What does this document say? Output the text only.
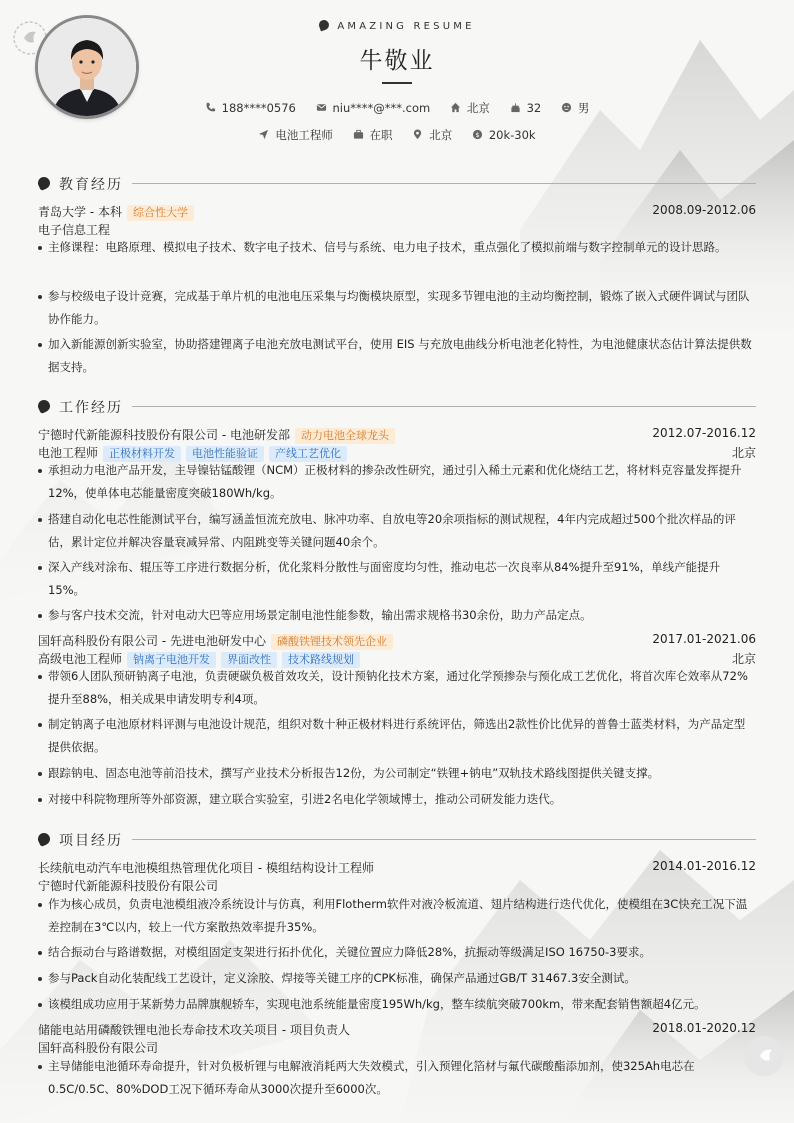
AMAZING RESUME
牛敬业
188****0576	niu****@***.com	北京	32	男
电池工程师	在职	北京	$ 20k-30k
教育经历
青岛大学 - 本科 综合性大学	2008.09-2012.06
电子信息工程
主修课程：电路原理、模拟电子技术、数字电子技术、信号与系统、电力电子技术，重点强化了模拟前端与数字控制单元的设计思路。
参与校级电子设计竞赛，完成基于单片机的电池电压采集与均衡模块原型，实现多节锂电池的主动均衡控制，锻炼了嵌入式硬件调试与团队协作能力。
加入新能源创新实验室，协助搭建锂离子电池充放电测试平台，使用 EIS 与充放电曲线分析电池老化特性，为电池健康状态估计算法提供数据支持。
工作经历
宁德时代新能源科技股份有限公司 - 电池研发部 动力电池全球龙头	2012.07-2016.12
电池工程师 正极材料开发 电池性能验证 产线工艺优化	北京
承担动力电池产品开发，主导镍钴锰酸锂（NCM）正极材料的掺杂改性研究，通过引入稀土元素和优化烧结工艺，将材料克容量发挥提升12%，使单体电芯能量密度突破180Wh/kg。
搭建自动化电芯性能测试平台，编写涵盖恒流充放电、脉冲功率、自放电等20余项指标的测试规程，4年内完成超过500个批次样品的评估，累计定位并解决容量衰减异常、内阻跳变等关键问题40余个。
深入产线对涂布、辊压等工序进行数据分析，优化浆料分散性与面密度均匀性，推动电芯一次良率从84%提升至91%，单线产能提升15%。
参与客户技术交流，针对电动大巴等应用场景定制电池性能参数，输出需求规格书30余份，助力产品定点。
国轩高科股份有限公司 - 先进电池研发中心 磷酸铁锂技术领先企业	2017.01-2021.06
高级电池工程师 钠离子电池开发 界面改性 技术路线规划	北京
带领6人团队预研钠离子电池，负责硬碳负极首效攻关，设计预钠化技术方案，通过化学预掺杂与预化成工艺优化，将首次库仑效率从72%提升至88%，相关成果申请发明专利4项。
制定钠离子电池原材料评测与电池设计规范，组织对数十种正极材料进行系统评估，筛选出2款性价比优异的普鲁士蓝类材料，为产品定型提供依据。
跟踪钠电、固态电池等前沿技术，撰写产业技术分析报告12份，为公司制定“铁锂+钠电”双轨技术路线图提供关键支撑。
对接中科院物理所等外部资源，建立联合实验室，引进2名电化学领域博士，推动公司研发能力迭代。
项目经历
长续航电动汽车电池模组热管理优化项目 - 模组结构设计工程师	2014.01-2016.12
宁德时代新能源科技股份有限公司
作为核心成员，负责电池模组液冷系统设计与仿真，利用Flotherm软件对液冷板流道、翅片结构进行迭代优化，使模组在3C快充工况下温差控制在3℃以内，较上一代方案散热效率提升35%。
结合振动台与路谱数据，对模组固定支架进行拓扑优化，关键位置应力降低28%，抗振动等级满足ISO 16750-3要求。
参与Pack自动化装配线工艺设计，定义涂胶、焊接等关键工序的CPK标准，确保产品通过GB/T 31467.3安全测试。
该模组成功应用于某新势力品牌旗舰轿车，实现电池系统能量密度195Wh/kg，整车续航突破700km，带来配套销售额超4亿元。
储能电站用磷酸铁锂电池长寿命技术攻关项目 - 项目负责人	2018.01-2020.12
国轩高科股份有限公司
主导储能电池循环寿命提升，针对负极析锂与电解液消耗两大失效模式，引入预锂化箔材与氟代碳酸酯添加剂，使325Ah电芯在0.5C/0.5C、80%DOD工况下循环寿命从3000次提升至6000次。
